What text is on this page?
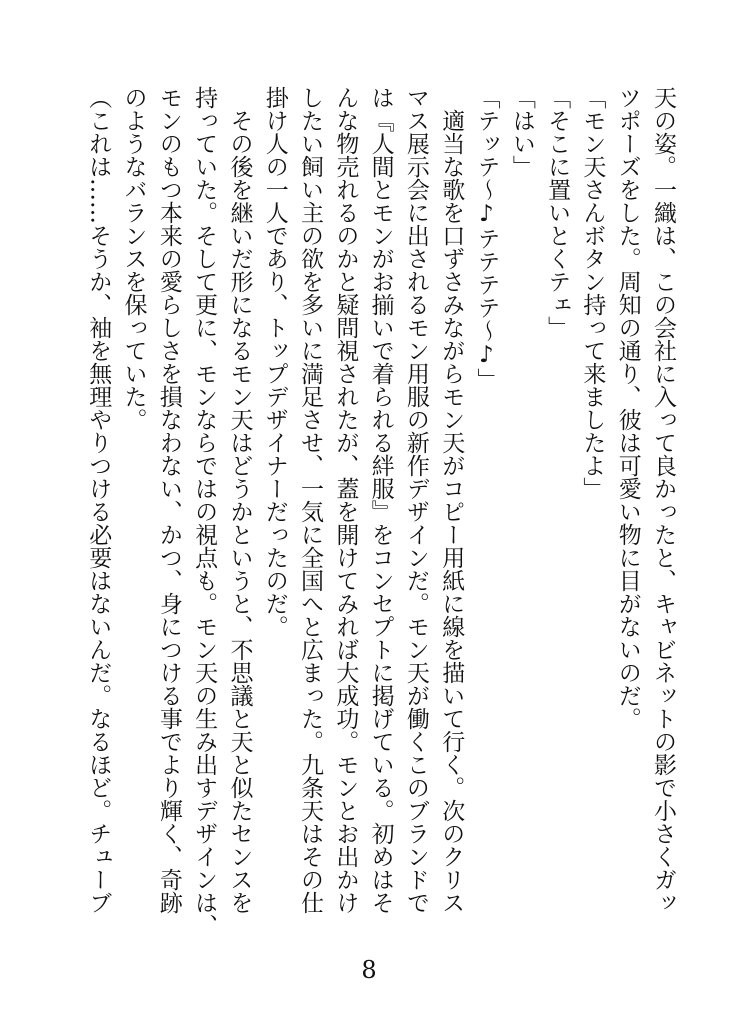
天の姿。一織は、この会社に入って良かったと、キャビネットの影で小さくガッ
ツポーズをした。周知の通り、彼は可愛い物に目がないのだ。
「モン天さんボタン持って来ましたよ」
「そこに置いとくテェ」
「はい」
「テッテ～♪テテテテ～♪」
　適当な歌を口ずさみながらモン天がコピー用紙に線を描いて行く。次のクリス
マス展示会に出されるモン用服の新作デザインだ。モン天が働くこのブランドで
は『人間とモンがお揃いで着られる絆服』をコンセプトに掲げている。初めはそ
んな物売れるのかと疑問視されたが、蓋を開けてみれば大成功。モンとお出かけ
したい飼い主の欲を多いに満足させ、一気に全国へと広まった。九条天はその仕
掛け人の一人であり、トップデザイナーだったのだ。
　その後を継いだ形になるモン天はどうかというと、不思議と天と似たセンスを
持っていた。そして更に、モンならではの視点も。モン天の生み出すデザインは、
モンのもつ本来の愛らしさを損なわない、かつ、身につける事でより輝く、奇跡
のようなバランスを保っていた。
（これは……そうか、袖を無理やりつける必要はないんだ。なるほど。チューブ
8
